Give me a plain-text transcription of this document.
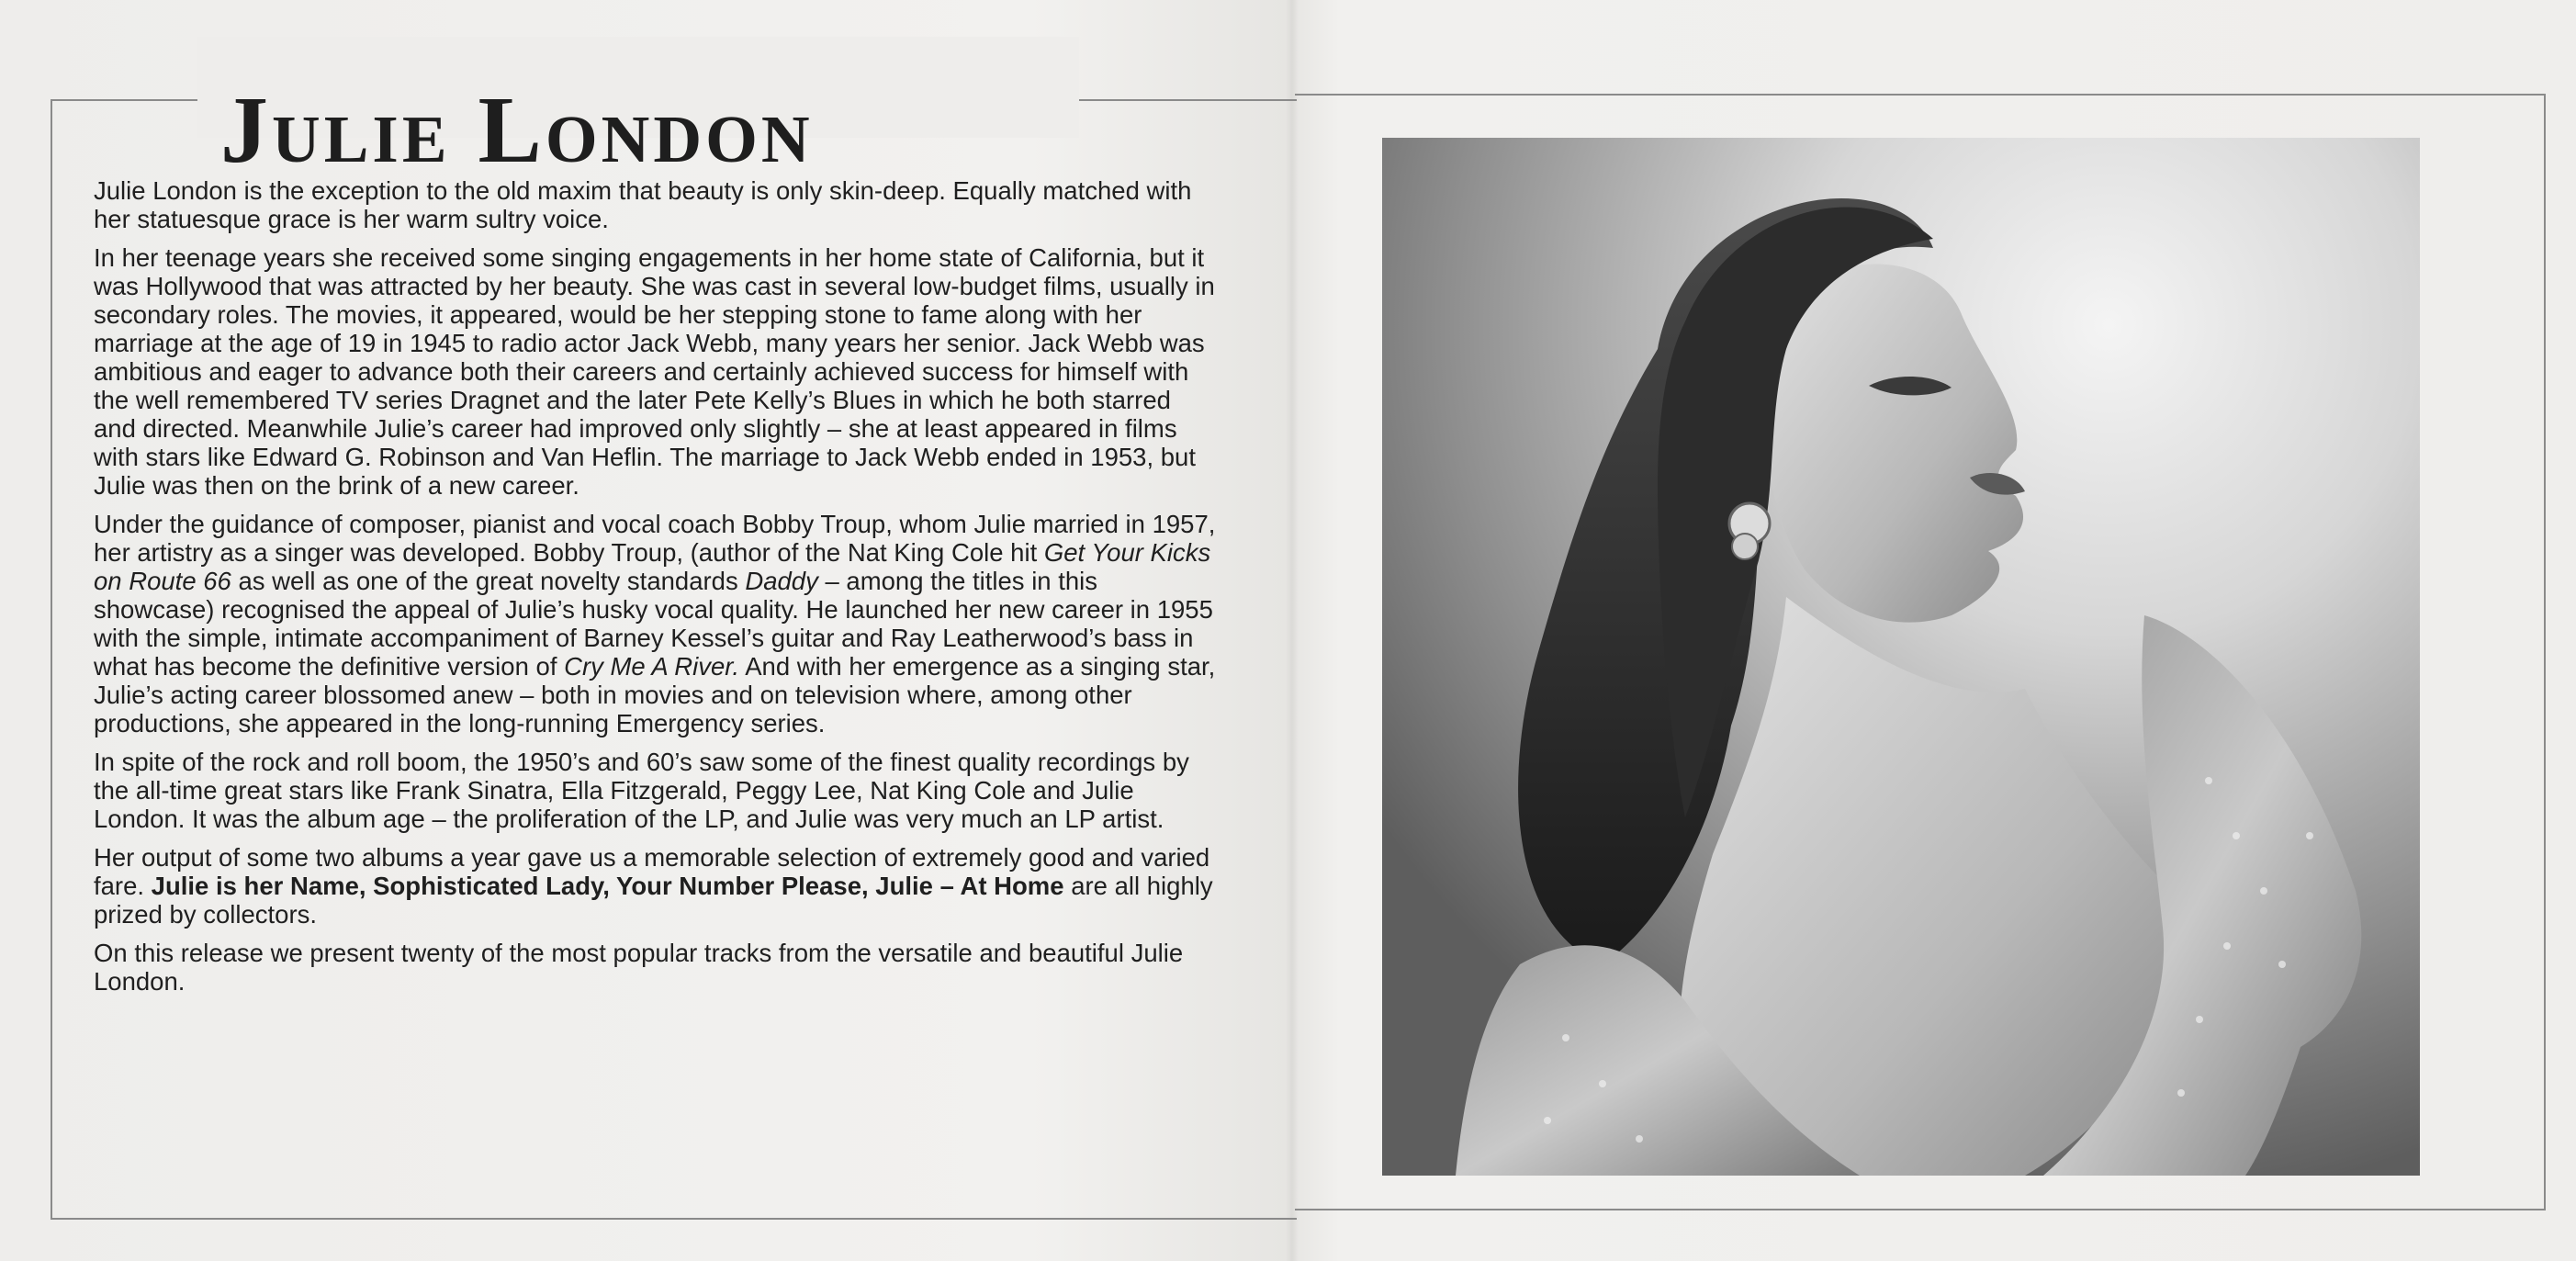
Julie London

Julie London is the exception to the old maxim that beauty is only skin-deep. Equally matched with her statuesque grace is her warm sultry voice.

In her teenage years she received some singing engagements in her home state of California, but it was Hollywood that was attracted by her beauty. She was cast in several low-budget films, usually in secondary roles. The movies, it appeared, would be her stepping stone to fame along with her marriage at the age of 19 in 1945 to radio actor Jack Webb, many years her senior. Jack Webb was ambitious and eager to advance both their careers and certainly achieved success for himself with the well remembered TV series Dragnet and the later Pete Kelly’s Blues in which he both starred and directed. Meanwhile Julie’s career had improved only slightly – she at least appeared in films with stars like Edward G. Robinson and Van Heflin. The marriage to Jack Webb ended in 1953, but Julie was then on the brink of a new career.

Under the guidance of composer, pianist and vocal coach Bobby Troup, whom Julie married in 1957, her artistry as a singer was developed. Bobby Troup, (author of the Nat King Cole hit Get Your Kicks on Route 66 as well as one of the great novelty standards Daddy – among the titles in this showcase) recognised the appeal of Julie’s husky vocal quality. He launched her new career in 1955 with the simple, intimate accompaniment of Barney Kessel’s guitar and Ray Leatherwood’s bass in what has become the definitive version of Cry Me A River. And with her emergence as a singing star, Julie’s acting career blossomed anew – both in movies and on television where, among other productions, she appeared in the long-running Emergency series.

In spite of the rock and roll boom, the 1950’s and 60’s saw some of the finest quality recordings by the all-time great stars like Frank Sinatra, Ella Fitzgerald, Peggy Lee, Nat King Cole and Julie London. It was the album age – the proliferation of the LP, and Julie was very much an LP artist.

Her output of some two albums a year gave us a memorable selection of extremely good and varied fare. Julie is her Name, Sophisticated Lady, Your Number Please, Julie – At Home are all highly prized by collectors.

On this release we present twenty of the most popular tracks from the versatile and beautiful Julie London.
